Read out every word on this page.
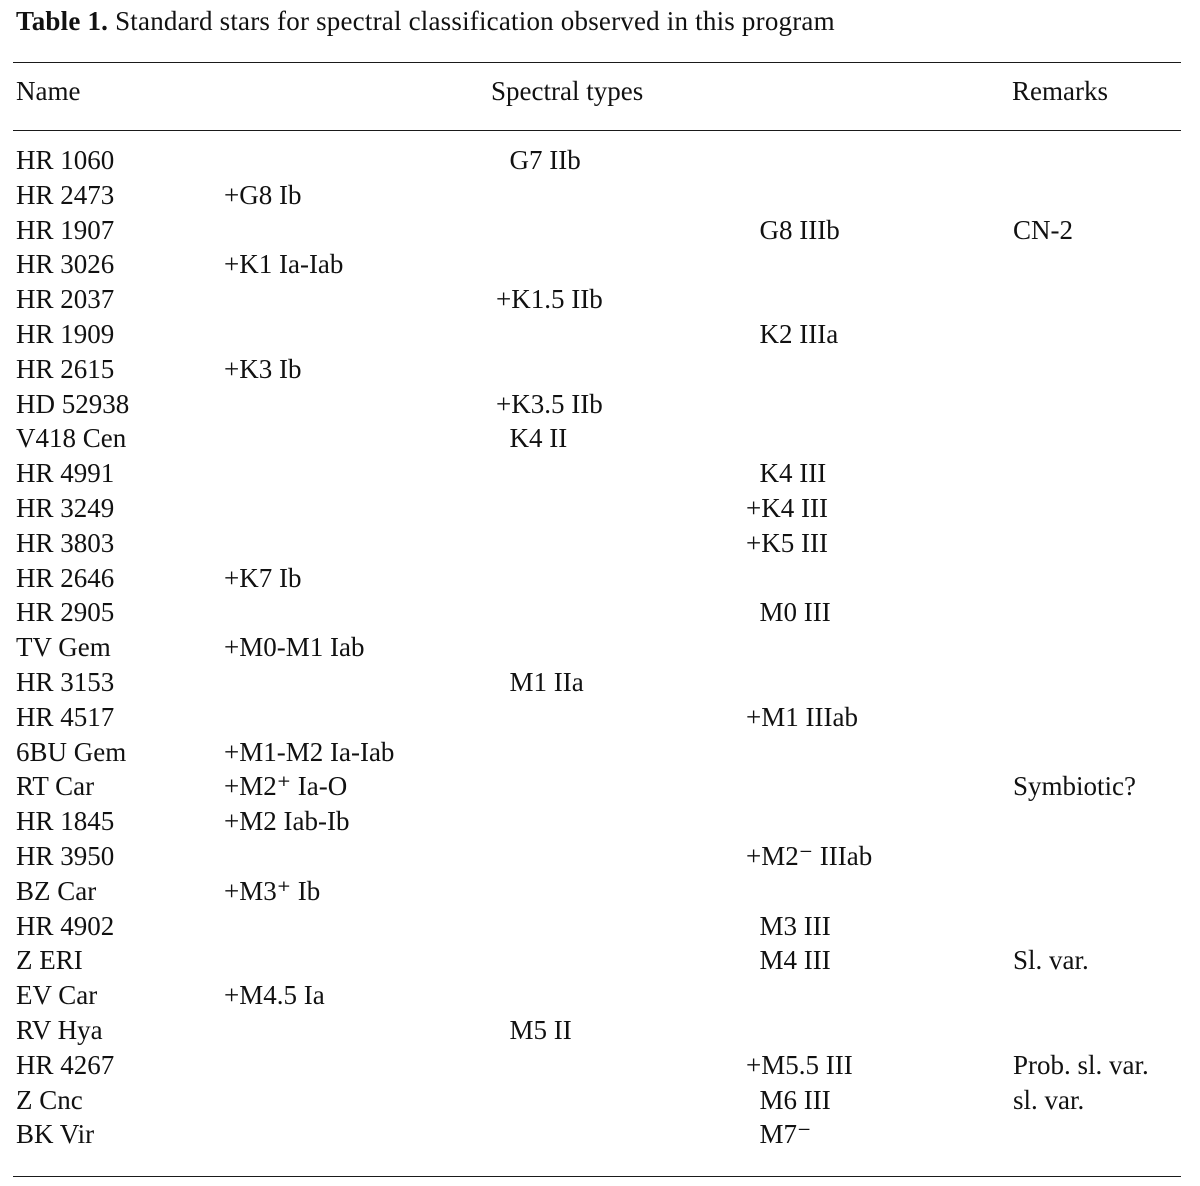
Table 1. Standard stars for spectral classification observed in this program
Name	Spectral types	Remarks
HR 1060	G7 IIb
HR 2473	+G8 Ib
HR 1907	G8 IIIb	CN-2
HR 3026	+K1 Ia-Iab
HR 2037	+K1.5 IIb
HR 1909	K2 IIIa
HR 2615	+K3 Ib
HD 52938	+K3.5 IIb
V418 Cen	K4 II
HR 4991	K4 III
HR 3249	+K4 III
HR 3803	+K5 III
HR 2646	+K7 Ib
HR 2905	M0 III
TV Gem	+M0-M1 Iab
HR 3153	M1 IIa
HR 4517	+M1 IIIab
6BU Gem	+M1-M2 Ia-Iab
RT Car	+M2⁺ Ia-O	Symbiotic?
HR 1845	+M2 Iab-Ib
HR 3950	+M2⁻ IIIab
BZ Car	+M3⁺ Ib
HR 4902	M3 III
Z ERI	M4 III	Sl. var.
EV Car	+M4.5 Ia
RV Hya	M5 II
HR 4267	+M5.5 III	Prob. sl. var.
Z Cnc	M6 III	sl. var.
BK Vir	M7⁻
